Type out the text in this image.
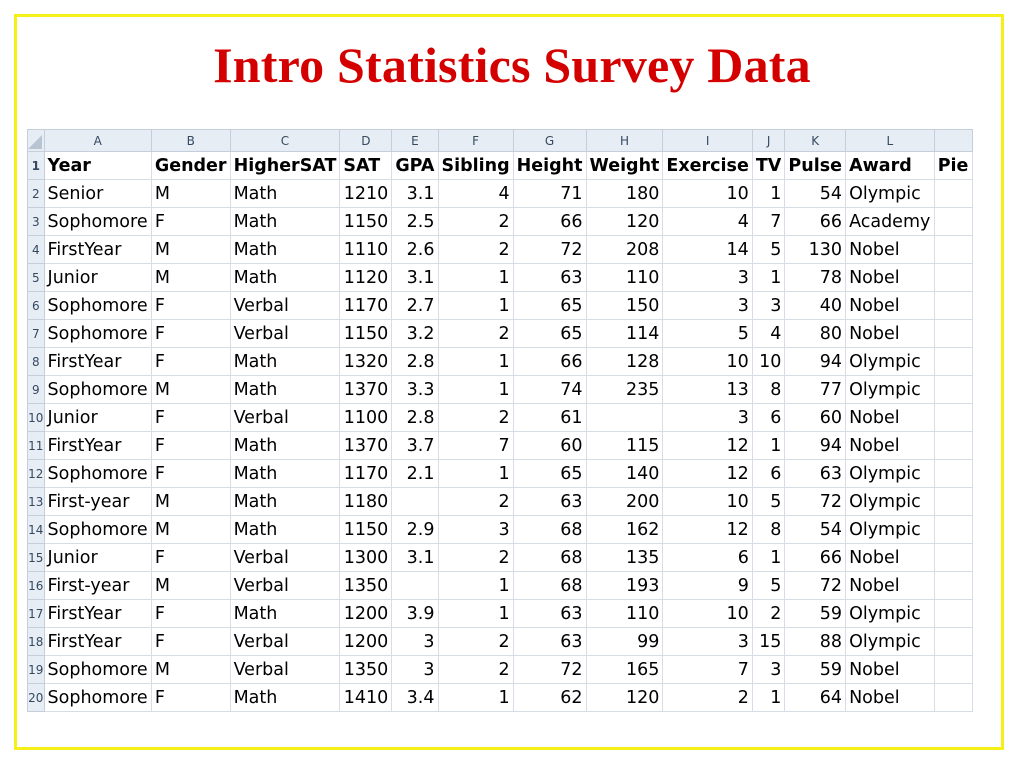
Intro Statistics Survey Data
	A	B	C	D	E	F	G	H	I	J	K	L	
1	Year	Gender	HigherSAT	SAT	GPA	Sibling	Height	Weight	Exercise	TV	Pulse	Award	Pie
2	Senior	M	Math	1210	3.1	4	71	180	10	1	54	Olympic	
3	Sophomore	F	Math	1150	2.5	2	66	120	4	7	66	Academy	
4	FirstYear	M	Math	1110	2.6	2	72	208	14	5	130	Nobel	
5	Junior	M	Math	1120	3.1	1	63	110	3	1	78	Nobel	
6	Sophomore	F	Verbal	1170	2.7	1	65	150	3	3	40	Nobel	
7	Sophomore	F	Verbal	1150	3.2	2	65	114	5	4	80	Nobel	
8	FirstYear	F	Math	1320	2.8	1	66	128	10	10	94	Olympic	
9	Sophomore	M	Math	1370	3.3	1	74	235	13	8	77	Olympic	
10	Junior	F	Verbal	1100	2.8	2	61		3	6	60	Nobel	
11	FirstYear	F	Math	1370	3.7	7	60	115	12	1	94	Nobel	
12	Sophomore	F	Math	1170	2.1	1	65	140	12	6	63	Olympic	
13	First-year	M	Math	1180		2	63	200	10	5	72	Olympic	
14	Sophomore	M	Math	1150	2.9	3	68	162	12	8	54	Olympic	
15	Junior	F	Verbal	1300	3.1	2	68	135	6	1	66	Nobel	
16	First-year	M	Verbal	1350		1	68	193	9	5	72	Nobel	
17	FirstYear	F	Math	1200	3.9	1	63	110	10	2	59	Olympic	
18	FirstYear	F	Verbal	1200	3	2	63	99	3	15	88	Olympic	
19	Sophomore	M	Verbal	1350	3	2	72	165	7	3	59	Nobel	
20	Sophomore	F	Math	1410	3.4	1	62	120	2	1	64	Nobel	
